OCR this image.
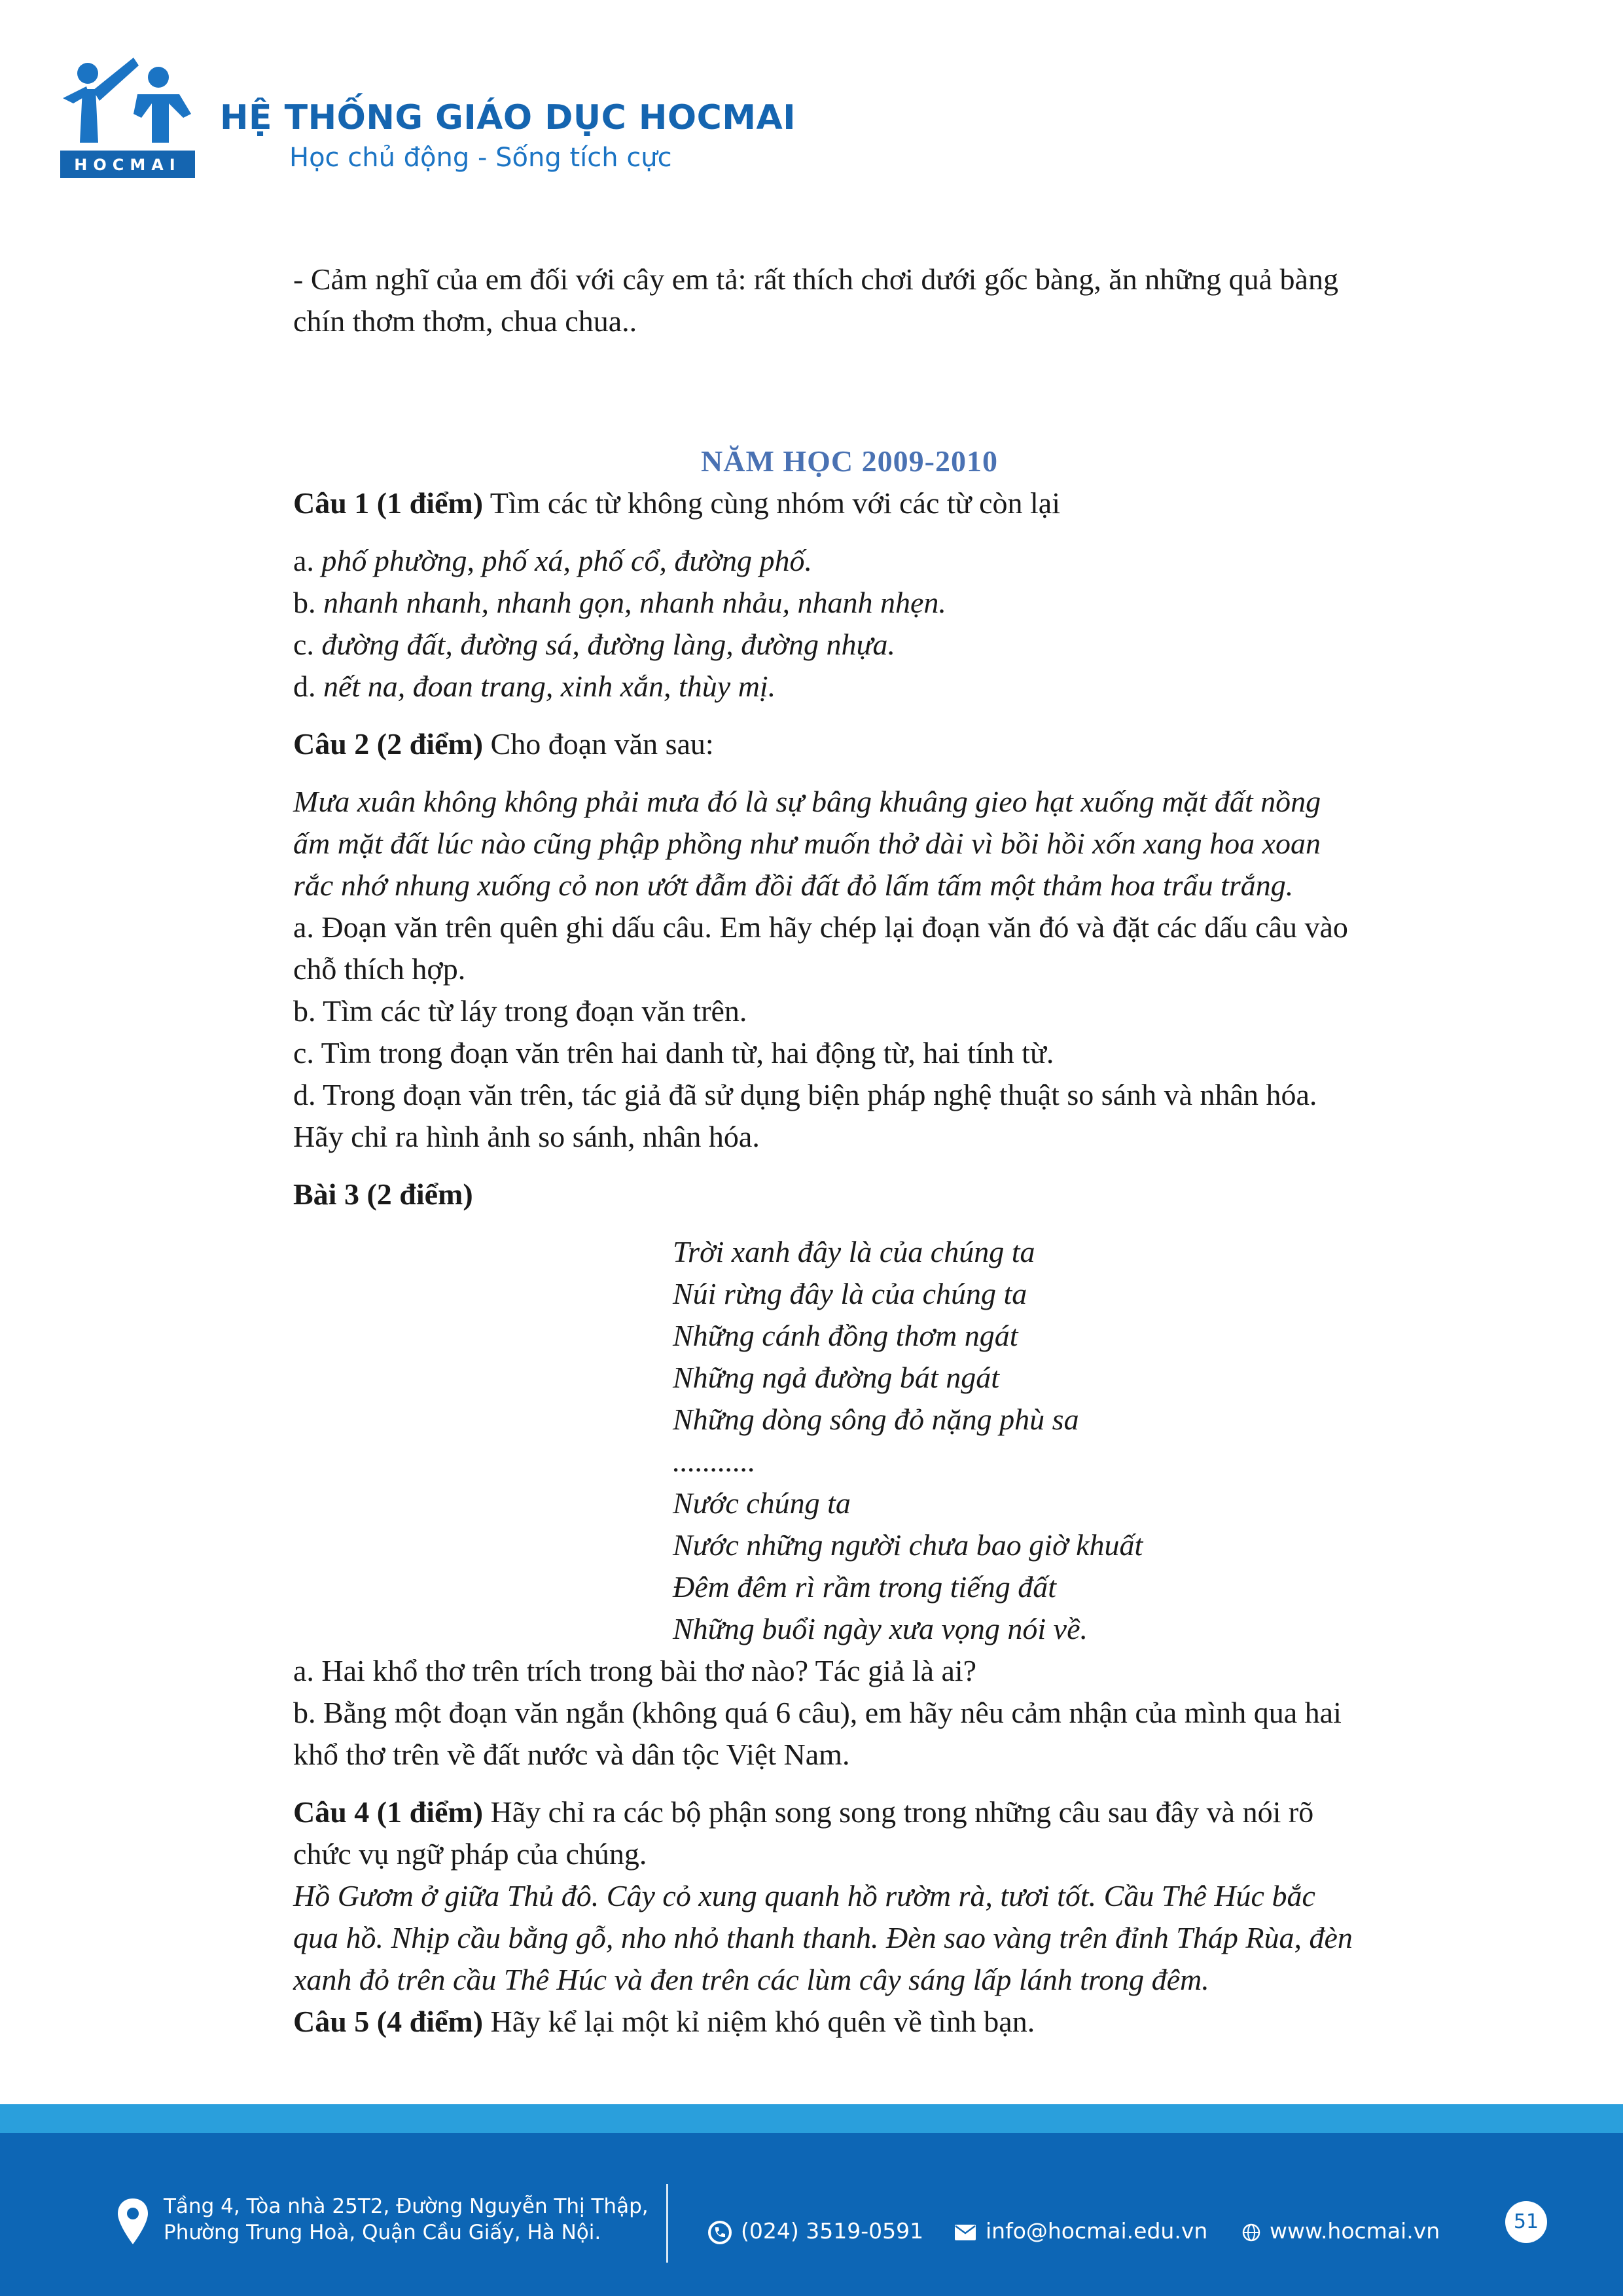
HOCMAI
HỆ THỐNG GIÁO DỤC HOCMAI
Học chủ động - Sống tích cực

- Cảm nghĩ của em đối với cây em tả: rất thích chơi dưới gốc bàng, ăn những quả bàng

chín thơm thơm, chua chua..

NĂM HỌC 2009-2010

Câu 1 (1 điểm) Tìm các từ không cùng nhóm với các từ còn lại

a. phố phường, phố xá, phố cổ, đường phố.

b. nhanh nhanh, nhanh gọn, nhanh nhảu, nhanh nhẹn.

c. đường đất, đường sá, đường làng, đường nhựa.

d. nết na, đoan trang, xinh xắn, thùy mị.

Câu 2 (2 điểm) Cho đoạn văn sau:

Mưa xuân không không phải mưa đó là sự bâng khuâng gieo hạt xuống mặt đất nồng

ấm mặt đất lúc nào cũng phập phồng như muốn thở dài vì bồi hồi xốn xang hoa xoan

rắc nhớ nhung xuống cỏ non ướt đẫm đồi đất đỏ lấm tấm một thảm hoa trẩu trắng.

a. Đoạn văn trên quên ghi dấu câu. Em hãy chép lại đoạn văn đó và đặt các dấu câu vào

chỗ thích hợp.

b. Tìm các từ láy trong đoạn văn trên.

c. Tìm trong đoạn văn trên hai danh từ, hai động từ, hai tính từ.

d. Trong đoạn văn trên, tác giả đã sử dụng biện pháp nghệ thuật so sánh và nhân hóa.

Hãy chỉ ra hình ảnh so sánh, nhân hóa.

Bài 3 (2 điểm)

Trời xanh đây là của chúng ta

Núi rừng đây là của chúng ta

Những cánh đồng thơm ngát

Những ngả đường bát ngát

Những dòng sông đỏ nặng phù sa

...........

Nước chúng ta

Nước những người chưa bao giờ khuất

Đêm đêm rì rầm trong tiếng đất

Những buổi ngày xưa vọng nói về.

a. Hai khổ thơ trên trích trong bài thơ nào? Tác giả là ai?

b. Bằng một đoạn văn ngắn (không quá 6 câu), em hãy nêu cảm nhận của mình qua hai

khổ thơ trên về đất nước và dân tộc Việt Nam.

Câu 4 (1 điểm) Hãy chỉ ra các bộ phận song song trong những câu sau đây và nói rõ

chức vụ ngữ pháp của chúng.

Hồ Gươm ở giữa Thủ đô. Cây cỏ xung quanh hồ rườm rà, tươi tốt. Cầu Thê Húc bắc

qua hồ. Nhịp cầu bằng gỗ, nho nhỏ thanh thanh. Đèn sao vàng trên đỉnh Tháp Rùa, đèn

xanh đỏ trên cầu Thê Húc và đen trên các lùm cây sáng lấp lánh trong đêm.

Câu 5 (4 điểm) Hãy kể lại một kỉ niệm khó quên về tình bạn.

Tầng 4, Tòa nhà 25T2, Đường Nguyễn Thị Thập,
Phường Trung Hoà, Quận Cầu Giấy, Hà Nội.	(024) 3519-0591	info@hocmai.edu.vn	www.hocmai.vn	51
